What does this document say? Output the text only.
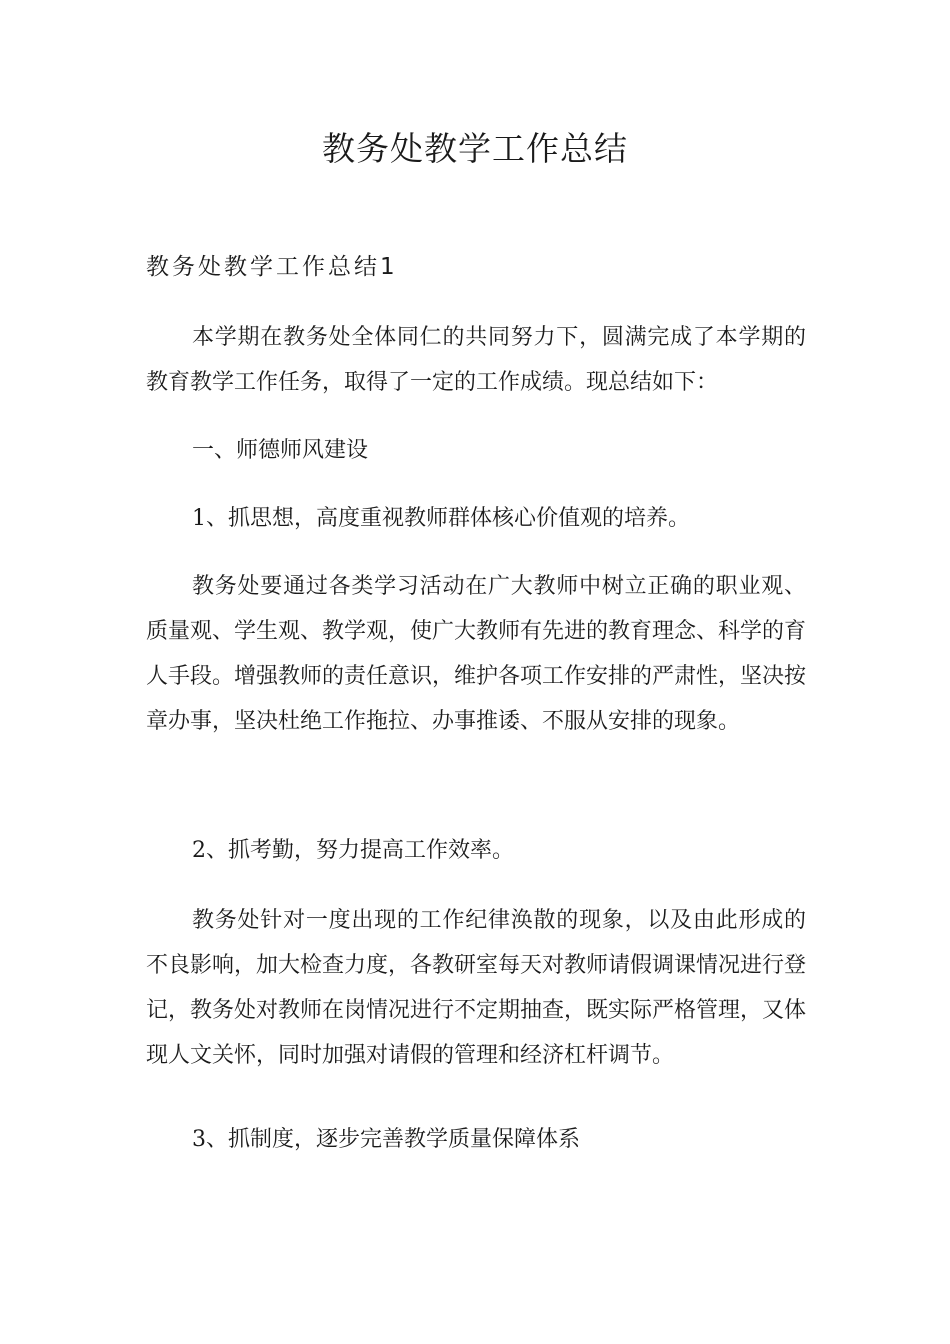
教务处教学工作总结
教务处教学工作总结1

本学期在教务处全体同仁的共同努力下，圆满完成了本学期的教育教学工作任务，取得了一定的工作成绩。现总结如下：

一、师德师风建设

1、抓思想，高度重视教师群体核心价值观的培养。

教务处要通过各类学习活动在广大教师中树立正确的职业观、质量观、学生观、教学观，使广大教师有先进的教育理念、科学的育人手段。增强教师的责任意识，维护各项工作安排的严肃性，坚决按章办事，坚决杜绝工作拖拉、办事推诿、不服从安排的现象。

2、抓考勤，努力提高工作效率。

教务处针对一度出现的工作纪律涣散的现象，以及由此形成的不良影响，加大检查力度，各教研室每天对教师请假调课情况进行登记，教务处对教师在岗情况进行不定期抽查，既实际严格管理，又体现人文关怀，同时加强对请假的管理和经济杠杆调节。

3、抓制度，逐步完善教学质量保障体系
